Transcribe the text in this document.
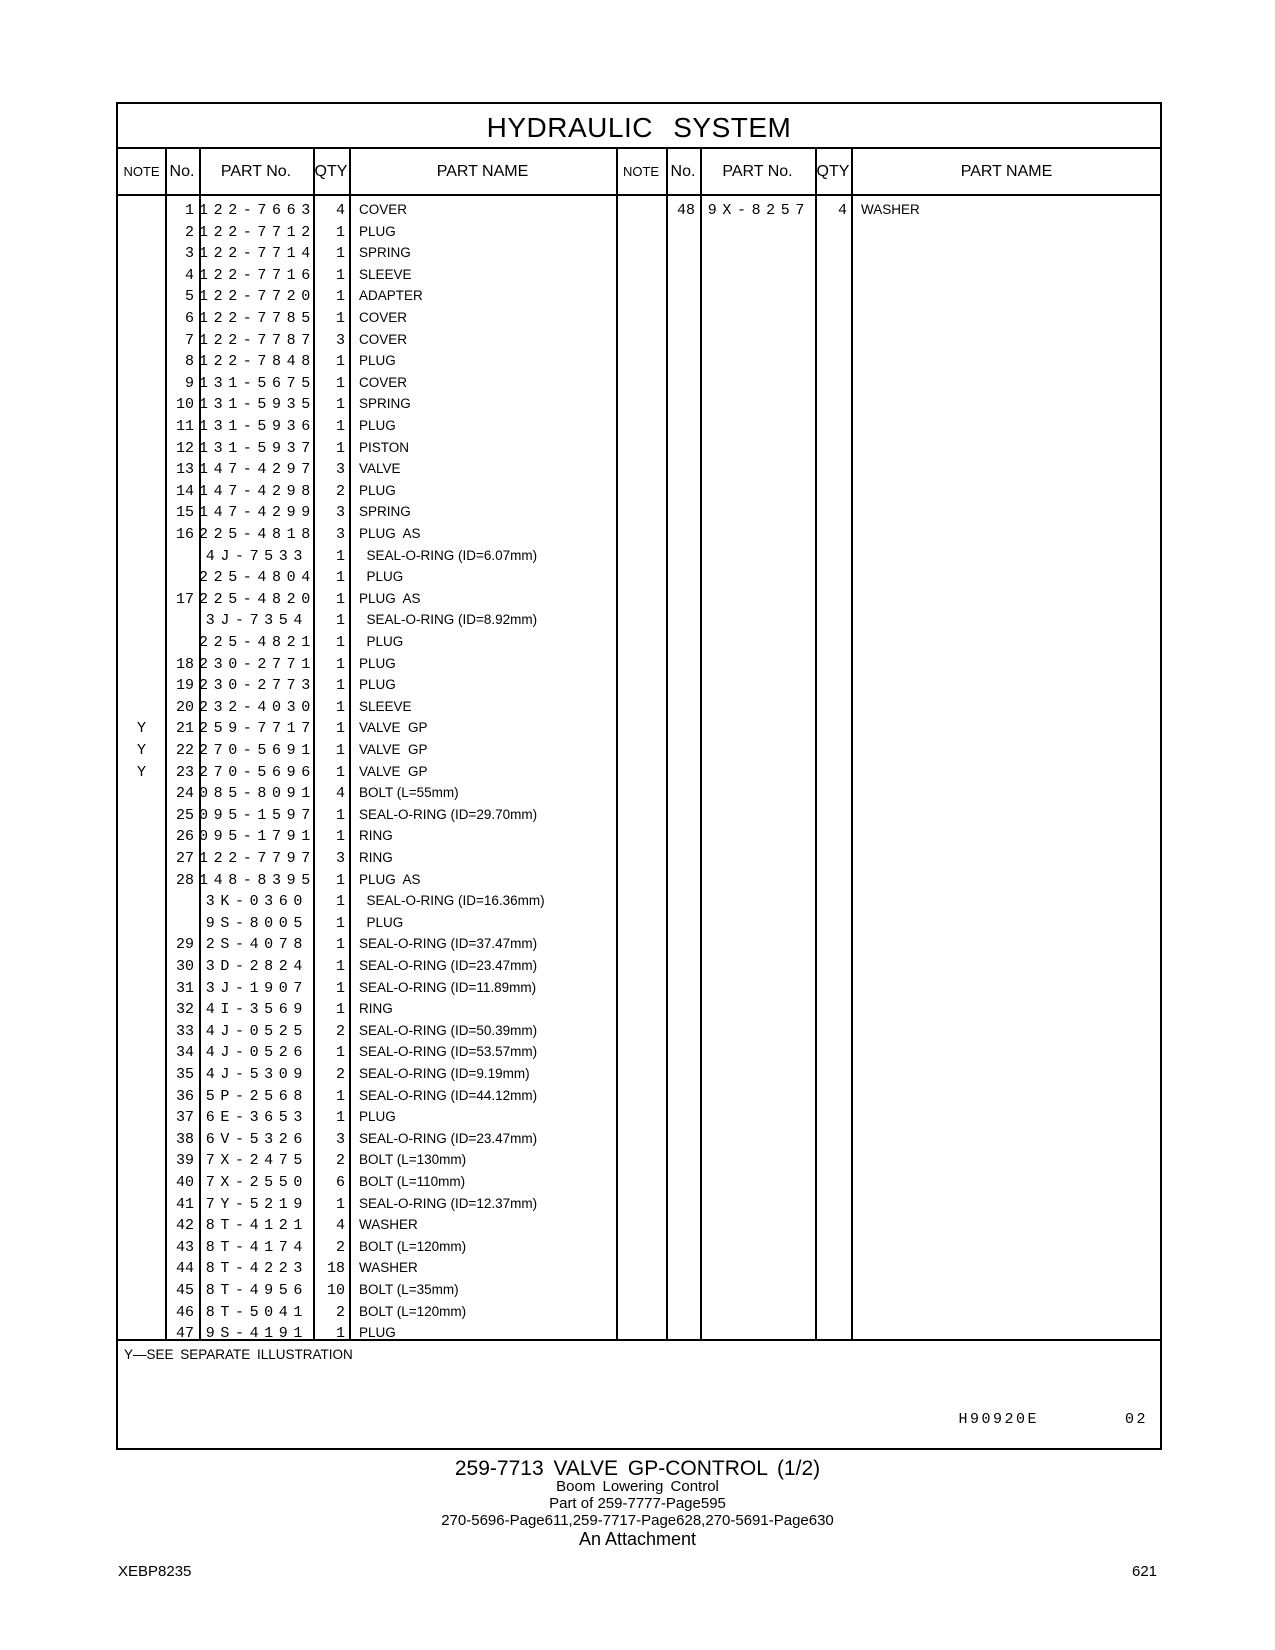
HYDRAULIC SYSTEM
NOTE No.	PART No.	QTY	PART NAME	NOTE No.	PART No.	QTY	PART NAME
1 122-7663	4 COVER
2 122-7712	1 PLUG
3 122-7714	1 SPRING
4 122-7716	1 SLEEVE
5 122-7720	1 ADAPTER
6 122-7785	1 COVER
7 122-7787	3 COVER
8 122-7848	1 PLUG
9 131-5675	1 COVER
10 131-5935	1 SPRING
11 131-5936	1 PLUG
12 131-5937	1 PISTON
13 147-4297	3 VALVE
14 147-4298	2 PLUG
15 147-4299	3 SPRING
16 225-4818	3 PLUG  AS
4J-7533	1 SEAL-O-RING (ID=6.07mm)
225-4804	1 PLUG
17 225-4820	1 PLUG  AS
3J-7354	1 SEAL-O-RING (ID=8.92mm)
225-4821	1 PLUG
18 230-2771	1 PLUG
19 230-2773	1 PLUG
20 232-4030	1 SLEEVE
Y	21 259-7717	1 VALVE  GP
Y	22 270-5691	1 VALVE  GP
Y	23 270-5696	1 VALVE  GP
24 085-8091	4 BOLT (L=55mm)
25 095-1597	1 SEAL-O-RING (ID=29.70mm)
26 095-1791	1 RING
27 122-7797	3 RING
28 148-8395	1 PLUG  AS
3K-0360	1 SEAL-O-RING (ID=16.36mm)
9S-8005	1 PLUG
29 2S-4078	1 SEAL-O-RING (ID=37.47mm)
30 3D-2824	1 SEAL-O-RING (ID=23.47mm)
31 3J-1907	1 SEAL-O-RING (ID=11.89mm)
32 4I-3569	1 RING
33 4J-0525	2 SEAL-O-RING (ID=50.39mm)
34 4J-0526	1 SEAL-O-RING (ID=53.57mm)
35 4J-5309	2 SEAL-O-RING (ID=9.19mm)
36 5P-2568	1 SEAL-O-RING (ID=44.12mm)
37 6E-3653	1 PLUG
38 6V-5326	3 SEAL-O-RING (ID=23.47mm)
39 7X-2475	2 BOLT (L=130mm)
40 7X-2550	6 BOLT (L=110mm)
41 7Y-5219	1 SEAL-O-RING (ID=12.37mm)
42 8T-4121	4 WASHER
43 8T-4174	2 BOLT (L=120mm)
44 8T-4223	18 WASHER
45 8T-4956	10 BOLT (L=35mm)
46 8T-5041	2 BOLT (L=120mm)
47 9S-4191	1 PLUG
48 9X-8257	4 WASHER
Y—SEE SEPARATE ILLUSTRATION
H90920E    02
259-7713 VALVE GP-CONTROL (1/2)
Boom Lowering Control
Part of 259-7777-Page595
270-5696-Page611,259-7717-Page628,270-5691-Page630
An Attachment
XEBP8235	621
